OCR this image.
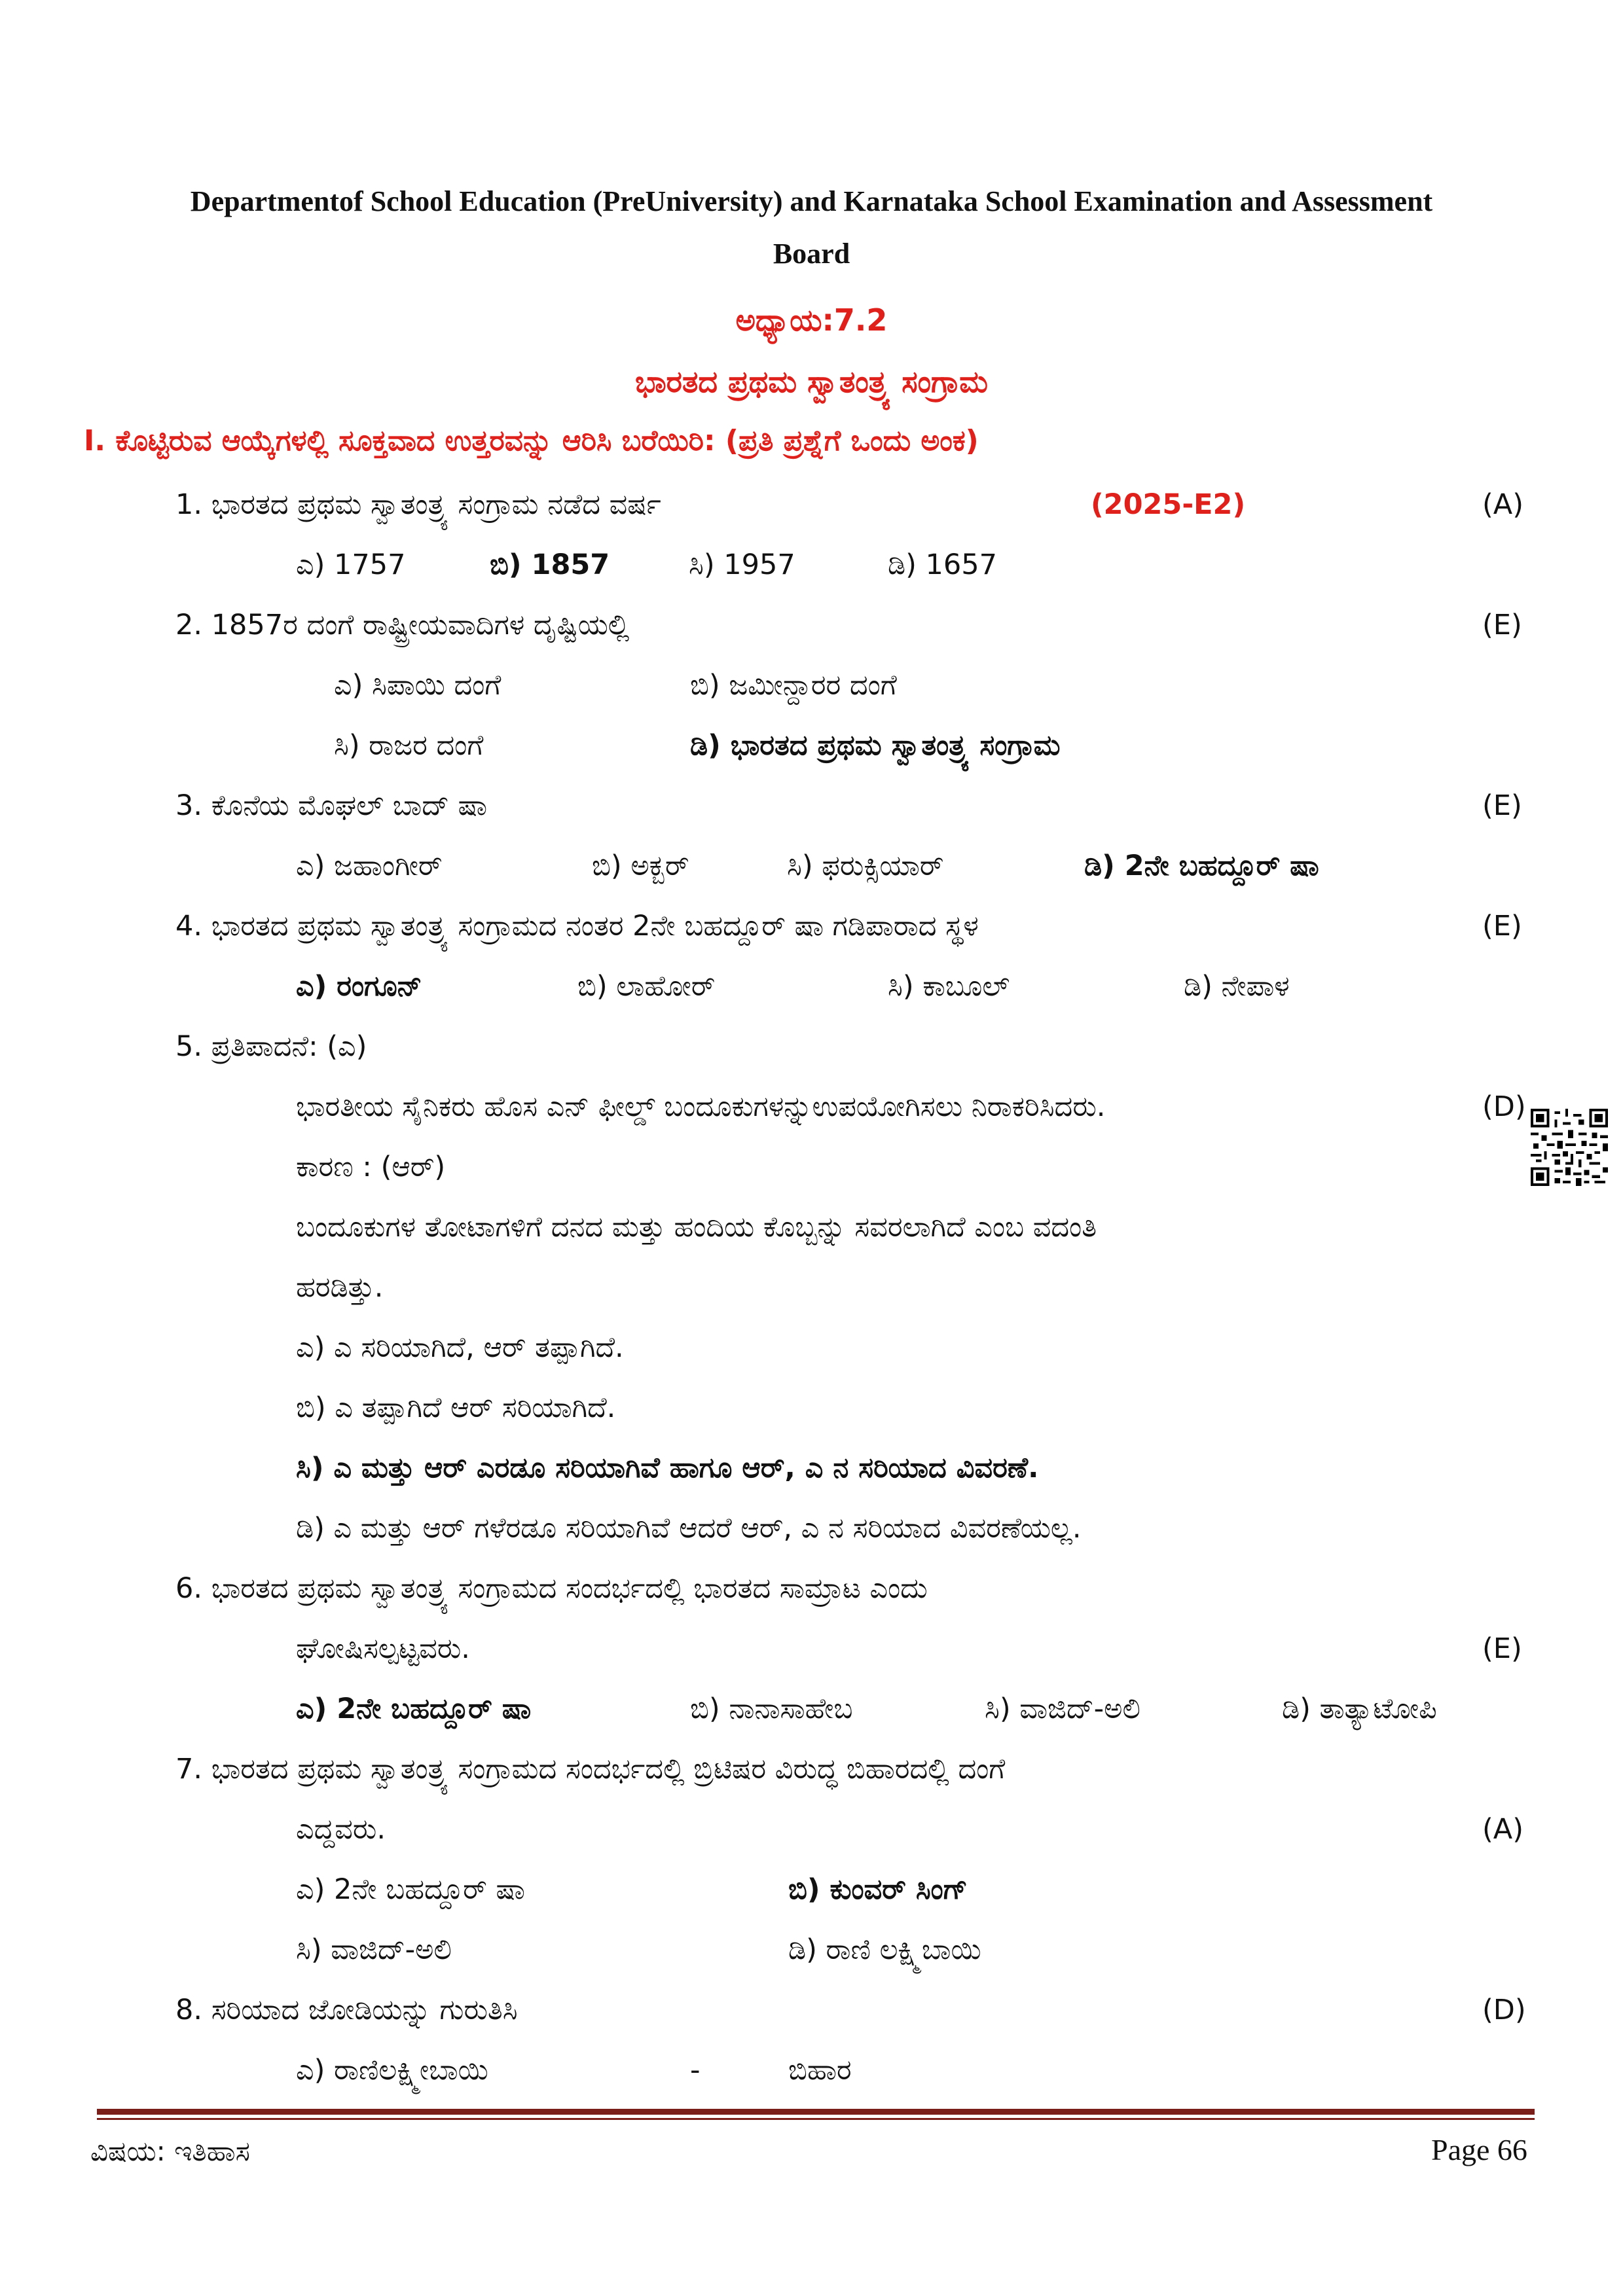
Departmentof School Education (PreUniversity) and Karnataka School Examination and Assessment
Board
ಅಧ್ಯಾಯ:7.2
ಭಾರತದ ಪ್ರಥಮ ಸ್ವಾತಂತ್ರ್ಯ ಸಂಗ್ರಾಮ
I. ಕೊಟ್ಟಿರುವ ಆಯ್ಕೆಗಳಲ್ಲಿ ಸೂಕ್ತವಾದ ಉತ್ತರವನ್ನು ಆರಿಸಿ ಬರೆಯಿರಿ: (ಪ್ರತಿ ಪ್ರಶ್ನೆಗೆ ಒಂದು ಅಂಕ)
1. ಭಾರತದ ಪ್ರಥಮ ಸ್ವಾತಂತ್ರ್ಯ ಸಂಗ್ರಾಮ ನಡೆದ ವರ್ಷ	(2025-E2)	(A)
ಎ) 1757	ಬಿ) 1857	ಸಿ) 1957	ಡಿ) 1657
2. 1857ರ ದಂಗೆ ರಾಷ್ಟ್ರೀಯವಾದಿಗಳ ದೃಷ್ಟಿಯಲ್ಲಿ	(E)
ಎ) ಸಿಪಾಯಿ ದಂಗೆ	ಬಿ) ಜಮೀನ್ದಾರರ ದಂಗೆ
ಸಿ) ರಾಜರ ದಂಗೆ	ಡಿ) ಭಾರತದ ಪ್ರಥಮ ಸ್ವಾತಂತ್ರ್ಯ ಸಂಗ್ರಾಮ
3. ಕೊನೆಯ ಮೊಘಲ್ ಬಾದ್ ಷಾ	(E)
ಎ) ಜಹಾಂಗೀರ್	ಬಿ) ಅಕ್ಬರ್	ಸಿ) ಫರುಕ್ಸಿಯಾರ್	ಡಿ) 2ನೇ ಬಹದ್ದೂರ್ ಷಾ
4. ಭಾರತದ ಪ್ರಥಮ ಸ್ವಾತಂತ್ರ್ಯ ಸಂಗ್ರಾಮದ ನಂತರ 2ನೇ ಬಹದ್ದೂರ್ ಷಾ ಗಡಿಪಾರಾದ ಸ್ಥಳ	(E)
ಎ) ರಂಗೂನ್	ಬಿ) ಲಾಹೋರ್	ಸಿ) ಕಾಬೂಲ್	ಡಿ) ನೇಪಾಳ
5. ಪ್ರತಿಪಾದನೆ: (ಎ)
ಭಾರತೀಯ ಸೈನಿಕರು ಹೊಸ ಎನ್ ಫೀಲ್ಡ್ ಬಂದೂಕುಗಳನ್ನುಉಪಯೋಗಿಸಲು ನಿರಾಕರಿಸಿದರು.	(D)
ಕಾರಣ : (ಆರ್)
ಬಂದೂಕುಗಳ ತೋಟಾಗಳಿಗೆ ದನದ ಮತ್ತು ಹಂದಿಯ ಕೊಬ್ಬನ್ನು ಸವರಲಾಗಿದೆ ಎಂಬ ವದಂತಿ
ಹರಡಿತ್ತು.
ಎ) ಎ ಸರಿಯಾಗಿದೆ, ಆರ್ ತಪ್ಪಾಗಿದೆ.
ಬಿ) ಎ ತಪ್ಪಾಗಿದೆ ಆರ್ ಸರಿಯಾಗಿದೆ.
ಸಿ) ಎ ಮತ್ತು ಆರ್ ಎರಡೂ ಸರಿಯಾಗಿವೆ ಹಾಗೂ ಆರ್, ಎ ನ ಸರಿಯಾದ ವಿವರಣೆ.
ಡಿ) ಎ ಮತ್ತು ಆರ್ ಗಳೆರಡೂ ಸರಿಯಾಗಿವೆ ಆದರೆ ಆರ್, ಎ ನ ಸರಿಯಾದ ವಿವರಣೆಯಲ್ಲ.
6. ಭಾರತದ ಪ್ರಥಮ ಸ್ವಾತಂತ್ರ್ಯ ಸಂಗ್ರಾಮದ ಸಂದರ್ಭದಲ್ಲಿ ಭಾರತದ ಸಾಮ್ರಾಟ ಎಂದು
ಘೋಷಿಸಲ್ಪಟ್ಟವರು.	(E)
ಎ) 2ನೇ ಬಹದ್ದೂರ್ ಷಾ	ಬಿ) ನಾನಾಸಾಹೇಬ	ಸಿ) ವಾಜಿದ್-ಅಲಿ	ಡಿ) ತಾತ್ಯಾಟೋಪಿ
7. ಭಾರತದ ಪ್ರಥಮ ಸ್ವಾತಂತ್ರ್ಯ ಸಂಗ್ರಾಮದ ಸಂದರ್ಭದಲ್ಲಿ ಬ್ರಿಟಿಷರ ವಿರುದ್ಧ ಬಿಹಾರದಲ್ಲಿ ದಂಗೆ
ಎದ್ದವರು.	(A)
ಎ) 2ನೇ ಬಹದ್ದೂರ್ ಷಾ	ಬಿ) ಕುಂವರ್ ಸಿಂಗ್
ಸಿ) ವಾಜಿದ್-ಅಲಿ	ಡಿ) ರಾಣಿ ಲಕ್ಷ್ಮಿಬಾಯಿ
8. ಸರಿಯಾದ ಜೋಡಿಯನ್ನು ಗುರುತಿಸಿ	(D)
ಎ) ರಾಣಿಲಕ್ಷ್ಮೀಬಾಯಿ	-	ಬಿಹಾರ
ವಿಷಯ: ಇತಿಹಾಸ	Page 66
